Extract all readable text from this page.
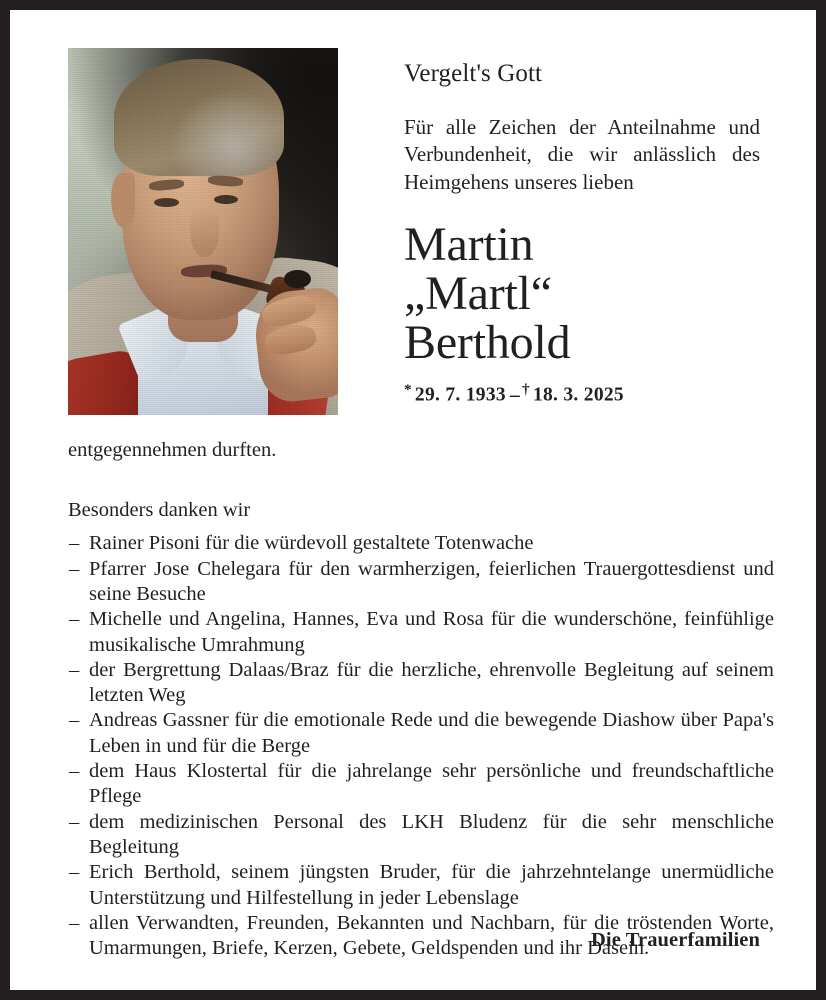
Vergelt's Gott

Für alle Zeichen der Anteilnahme und
Verbundenheit, die wir anlässlich des
Heimgehens unseres lieben

Martin
„Martl“
Berthold

* 29. 7. 1933 – † 18. 3. 2025

entgegennehmen durften.

Besonders danken wir

– Rainer Pisoni für die würdevoll gestaltete Totenwache
– Pfarrer Jose Chelegara für den warmherzigen, feierlichen Trauergottesdienst und seine Besuche
– Michelle und Angelina, Hannes, Eva und Rosa für die wunderschöne, feinfühlige musikalische Umrahmung
– der Bergrettung Dalaas/Braz für die herzliche, ehrenvolle Begleitung auf seinem letzten Weg
– Andreas Gassner für die emotionale Rede und die bewegende Diashow über Papa's Leben in und für die Berge
– dem Haus Klostertal für die jahrelange sehr persönliche und freundschaftliche Pflege
– dem medizinischen Personal des LKH Bludenz für die sehr menschliche Begleitung
– Erich Berthold, seinem jüngsten Bruder, für die jahrzehntelange unermüdliche Unterstützung und Hilfestellung in jeder Lebenslage
– allen Verwandten, Freunden, Bekannten und Nachbarn, für die tröstenden Worte, Umarmungen, Briefe, Kerzen, Gebete, Geldspenden und ihr Dasein.
Die Trauerfamilien
